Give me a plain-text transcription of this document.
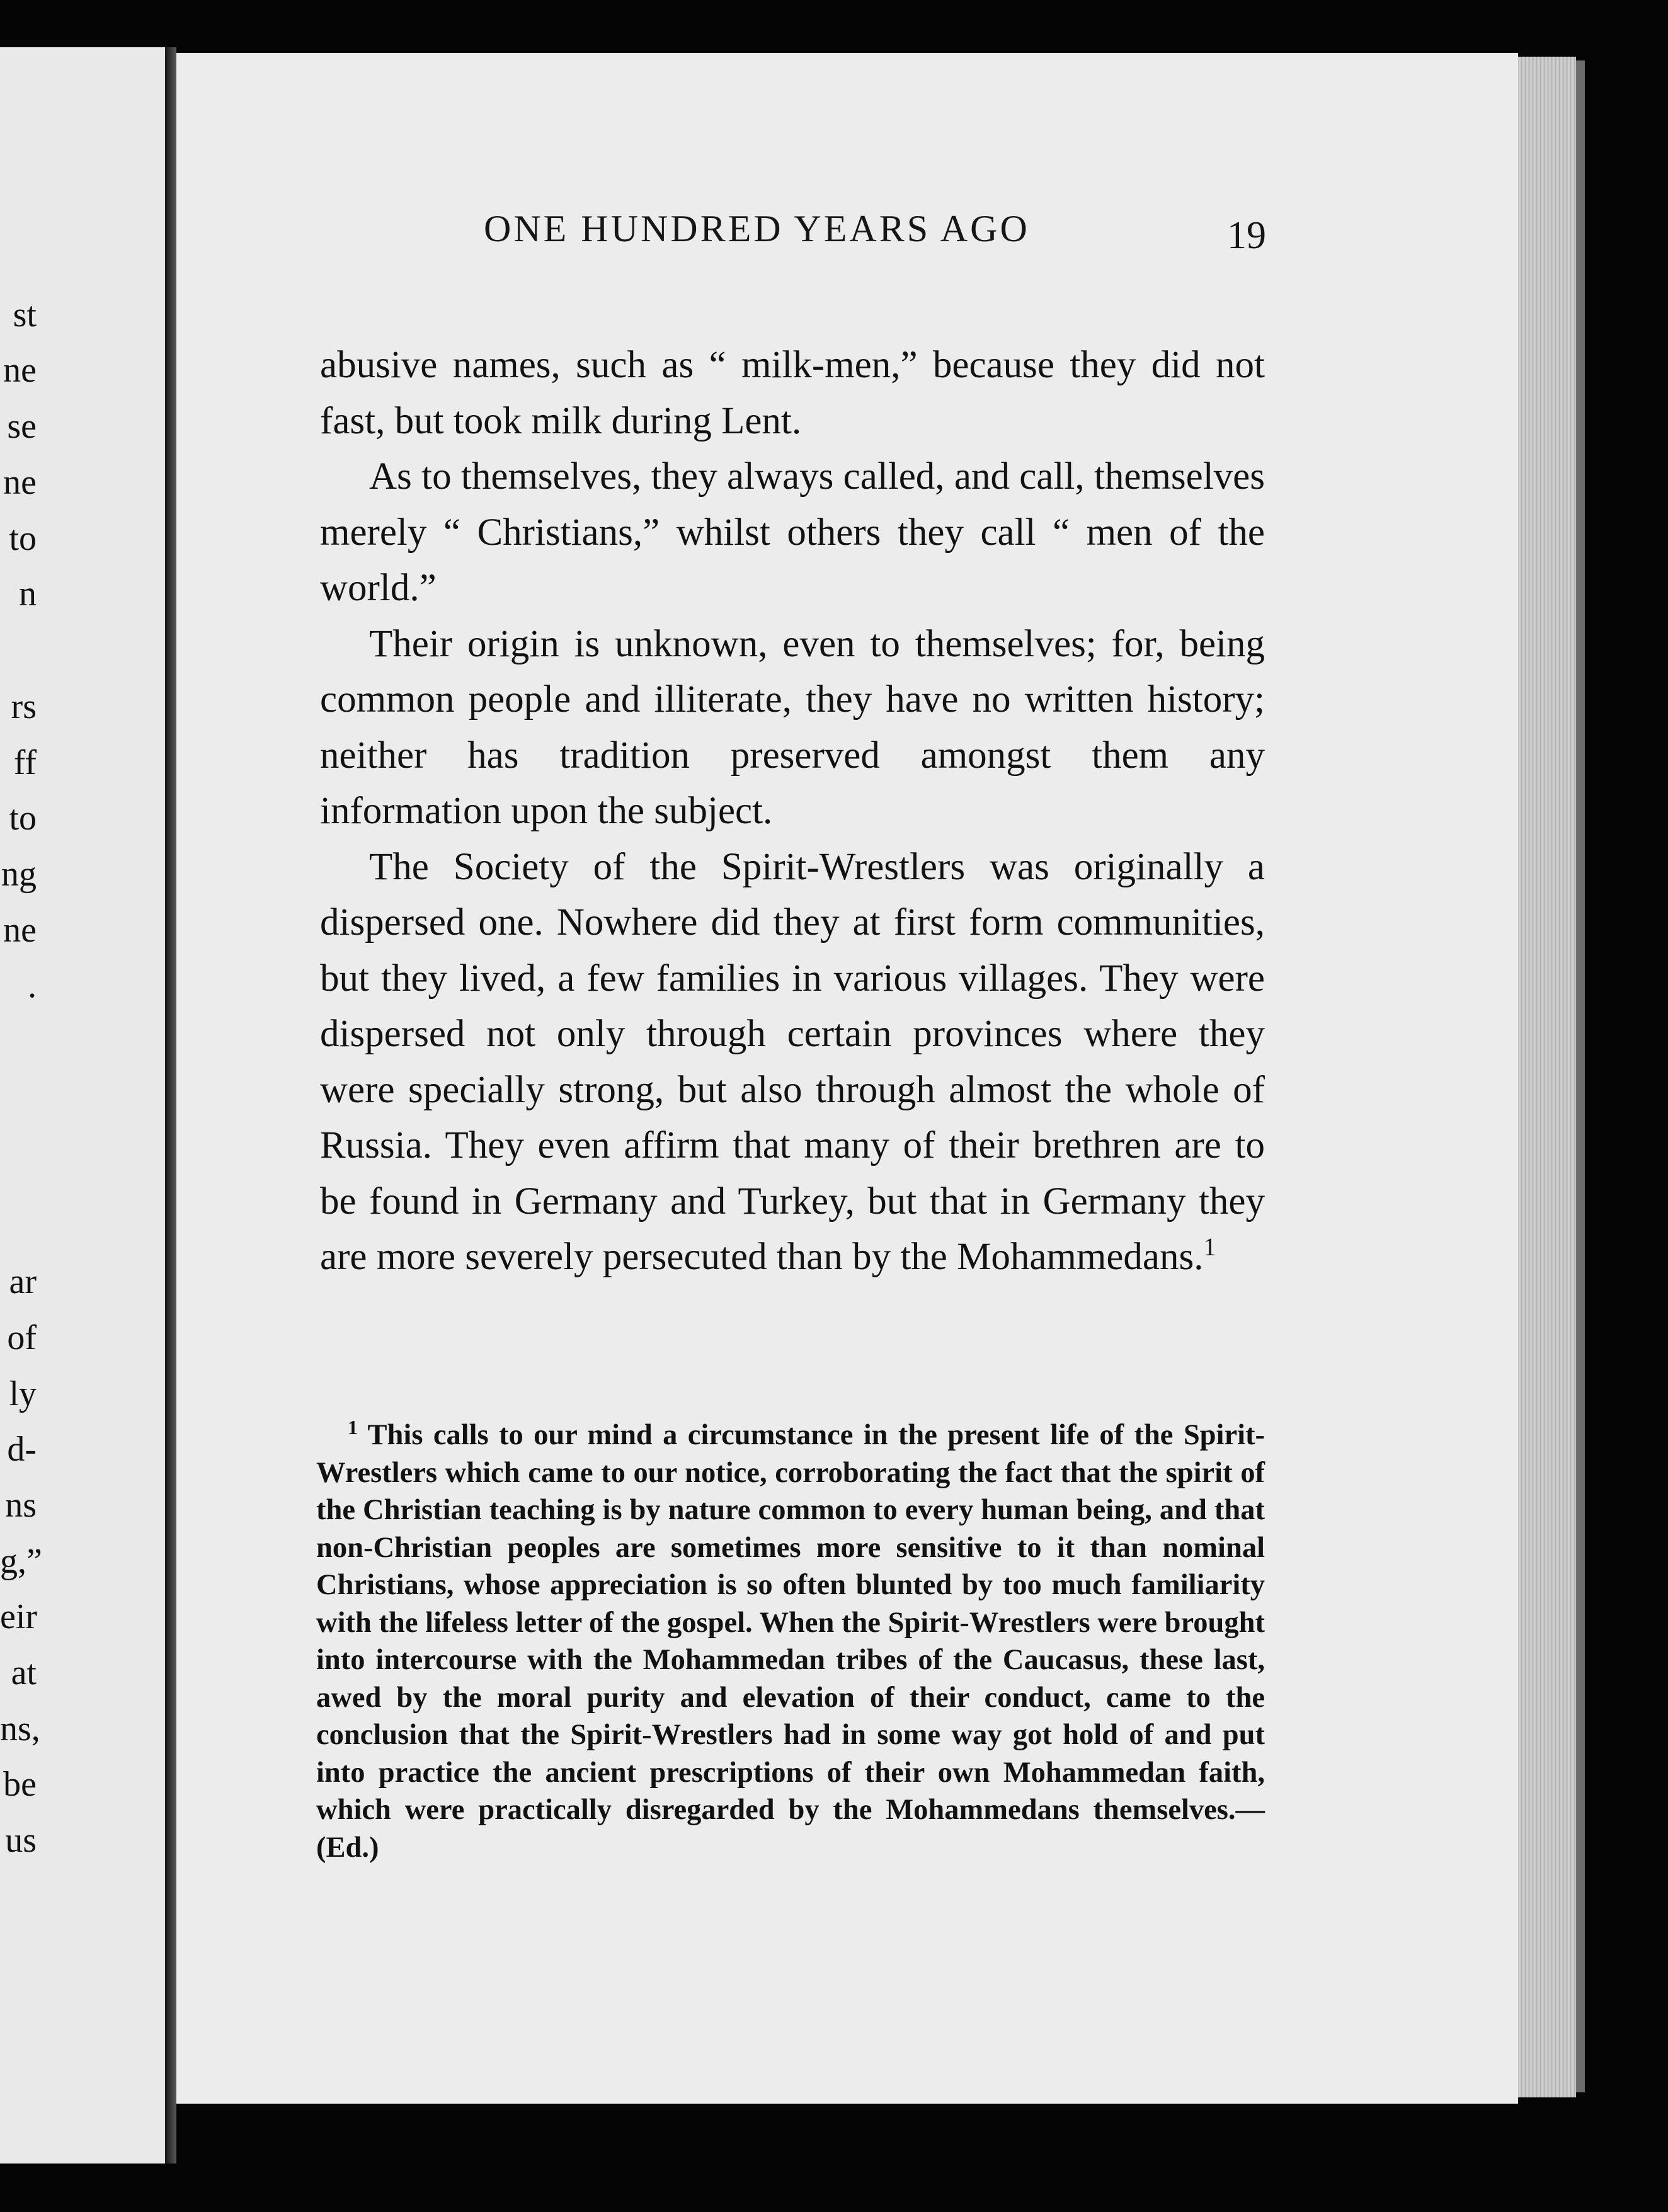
st
ne
se
ne
to
n
rs
ff
to
ng
ne
.
ar
of
ly
d-
ns
g,”
eir
at
ns,
be
us
ONE HUNDRED YEARS AGO	19

abusive names, such as “ milk-men,” because they did not fast, but took milk during Lent.

As to themselves, they always called, and call, themselves merely “ Christians,” whilst others they call “ men of the world.”

Their origin is unknown, even to themselves; for, being common people and illiterate, they have no written history; neither has tradition preserved amongst them any information upon the subject.

The Society of the Spirit-Wrestlers was originally a dispersed one. Nowhere did they at first form communities, but they lived, a few families in various villages. They were dispersed not only through certain provinces where they were specially strong, but also through almost the whole of Russia. They even affirm that many of their brethren are to be found in Germany and Turkey, but that in Germany they are more severely persecuted than by the Mohammedans.$^1$

$^1$ This calls to our mind a circumstance in the present life of the Spirit-Wrestlers which came to our notice, corroborating the fact that the spirit of the Christian teaching is by nature common to every human being, and that non-Christian peoples are sometimes more sensitive to it than nominal Christians, whose appreciation is so often blunted by too much familiarity with the lifeless letter of the gospel. When the Spirit-Wrestlers were brought into intercourse with the Mohammedan tribes of the Caucasus, these last, awed by the moral purity and elevation of their conduct, came to the conclusion that the Spirit-Wrestlers had in some way got hold of and put into practice the ancient prescriptions of their own Mohammedan faith, which were practically disregarded by the Mohammedans themselves.—(Ed.)
